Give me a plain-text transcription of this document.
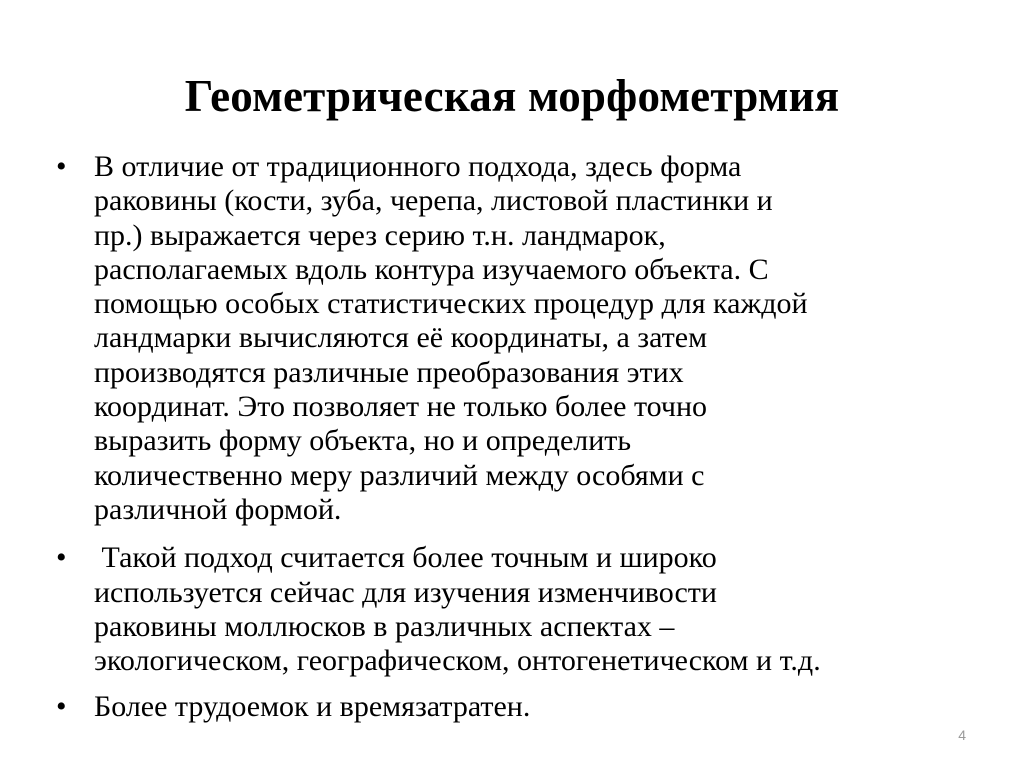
Геометрическая морфометрмия
• В отличие от традиционного подхода, здесь форма
раковины (кости, зуба, черепа, листовой пластинки и
пр.) выражается через серию т.н. ландмарок,
располагаемых вдоль контура изучаемого объекта. С
помощью особых статистических процедур для каждой
ландмарки вычисляются её координаты, а затем
производятся различные преобразования этих
координат. Это позволяет не только более точно
выразить форму объекта, но и определить
количественно меру различий между особями с
различной формой.
• Такой подход считается более точным и широко
используется сейчас для изучения изменчивости
раковины моллюсков в различных аспектах –
экологическом, географическом, онтогенетическом и т.д.
• Более трудоемок и времязатратен.
4
